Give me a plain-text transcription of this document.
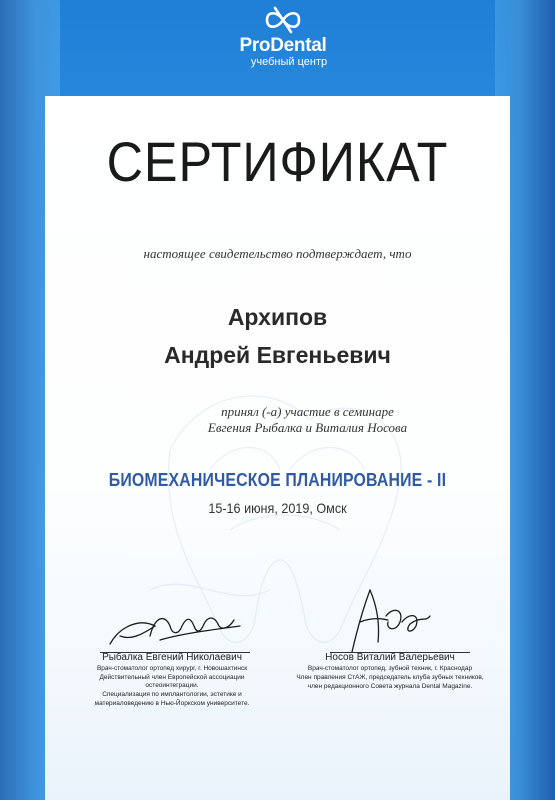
ProDental
учебный центр
СЕРТИФИКАТ
настоящее свидетельство подтверждает, что
Архипов
Андрей Евгеньевич
принял (-а) участие в семинаре
Евгения Рыбалка и Виталия Носова
БИОМЕХАНИЧЕСКОЕ ПЛАНИРОВАНИЕ - II
15-16 июня, 2019, Омск
Рыбалка Евгений Николаевич
Врач-стоматолог ортопед хирург, г. Новошахтинск
Действительный член Европейской ассоциации остеоинтеграции.
Специализация по имплантологии, эстетике и
материаловедению в Нью-Йоркском университете.
Носов Виталий Валерьевич
Врач-стоматолог ортопед, зубной техник, г. Краснодар
Член правления СтАЖ, председатель клуба зубных техников,
член редакционного Совета журнала Dental Magazine.
